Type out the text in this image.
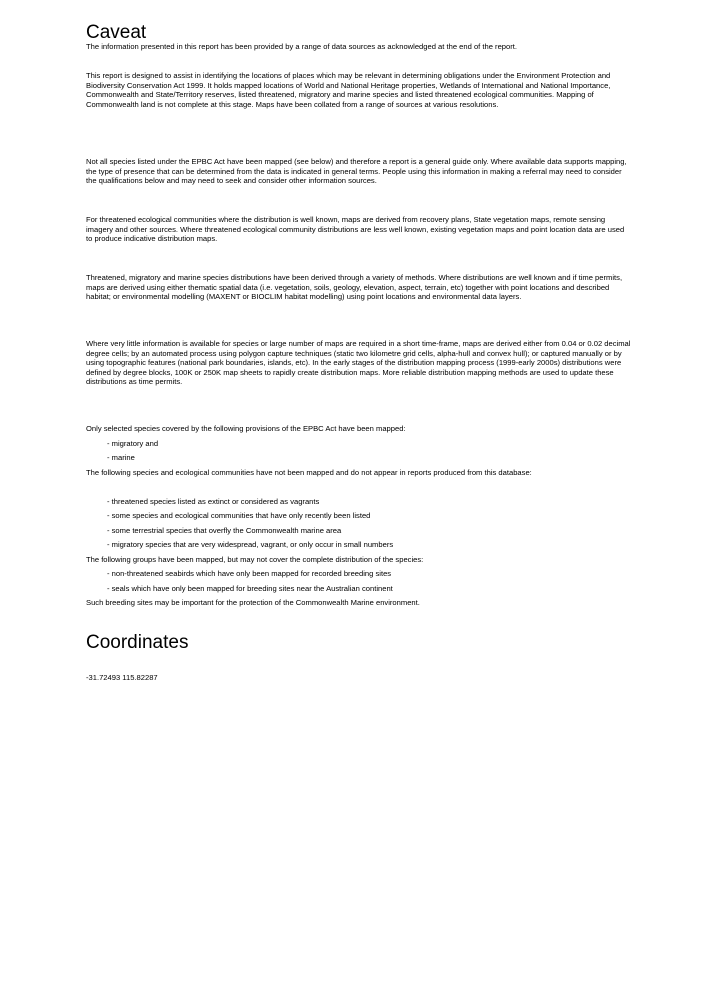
Caveat

The information presented in this report has been provided by a range of data sources as acknowledged at the end of the report.

This report is designed to assist in identifying the locations of places which may be relevant in determining obligations under the Environment Protection and Biodiversity Conservation Act 1999. It holds mapped locations of World and National Heritage properties, Wetlands of International and National Importance, Commonwealth and State/Territory reserves, listed threatened, migratory and marine species and listed threatened ecological communities. Mapping of Commonwealth land is not complete at this stage. Maps have been collated from a range of sources at various resolutions.

Not all species listed under the EPBC Act have been mapped (see below) and therefore a report is a general guide only. Where available data supports mapping, the type of presence that can be determined from the data is indicated in general terms. People using this information in making a referral may need to consider the qualifications below and may need to seek and consider other information sources.

For threatened ecological communities where the distribution is well known, maps are derived from recovery plans, State vegetation maps, remote sensing imagery and other sources. Where threatened ecological community distributions are less well known, existing vegetation maps and point location data are used to produce indicative distribution maps.

Threatened, migratory and marine species distributions have been derived through a variety of methods. Where distributions are well known and if time permits, maps are derived using either thematic spatial data (i.e. vegetation, soils, geology, elevation, aspect, terrain, etc) together with point locations and described habitat; or environmental modelling (MAXENT or BIOCLIM habitat modelling) using point locations and environmental data layers.

Where very little information is available for species or large number of maps are required in a short time-frame, maps are derived either from 0.04 or 0.02 decimal degree cells; by an automated process using polygon capture techniques (static two kilometre grid cells, alpha-hull and convex hull); or captured manually or by using topographic features (national park boundaries, islands, etc). In the early stages of the distribution mapping process (1999-early 2000s) distributions were defined by degree blocks, 100K or 250K map sheets to rapidly create distribution maps. More reliable distribution mapping methods are used to update these distributions as time permits.

Only selected species covered by the following provisions of the EPBC Act have been mapped:

- migratory and

- marine

The following species and ecological communities have not been mapped and do not appear in reports produced from this database:

- threatened species listed as extinct or considered as vagrants

- some species and ecological communities that have only recently been listed

- some terrestrial species that overfly the Commonwealth marine area

- migratory species that are very widespread, vagrant, or only occur in small numbers

The following groups have been mapped, but may not cover the complete distribution of the species:

- non-threatened seabirds which have only been mapped for recorded breeding sites

- seals which have only been mapped for breeding sites near the Australian continent

Such breeding sites may be important for the protection of the Commonwealth Marine environment.

Coordinates

-31.72493 115.82287
